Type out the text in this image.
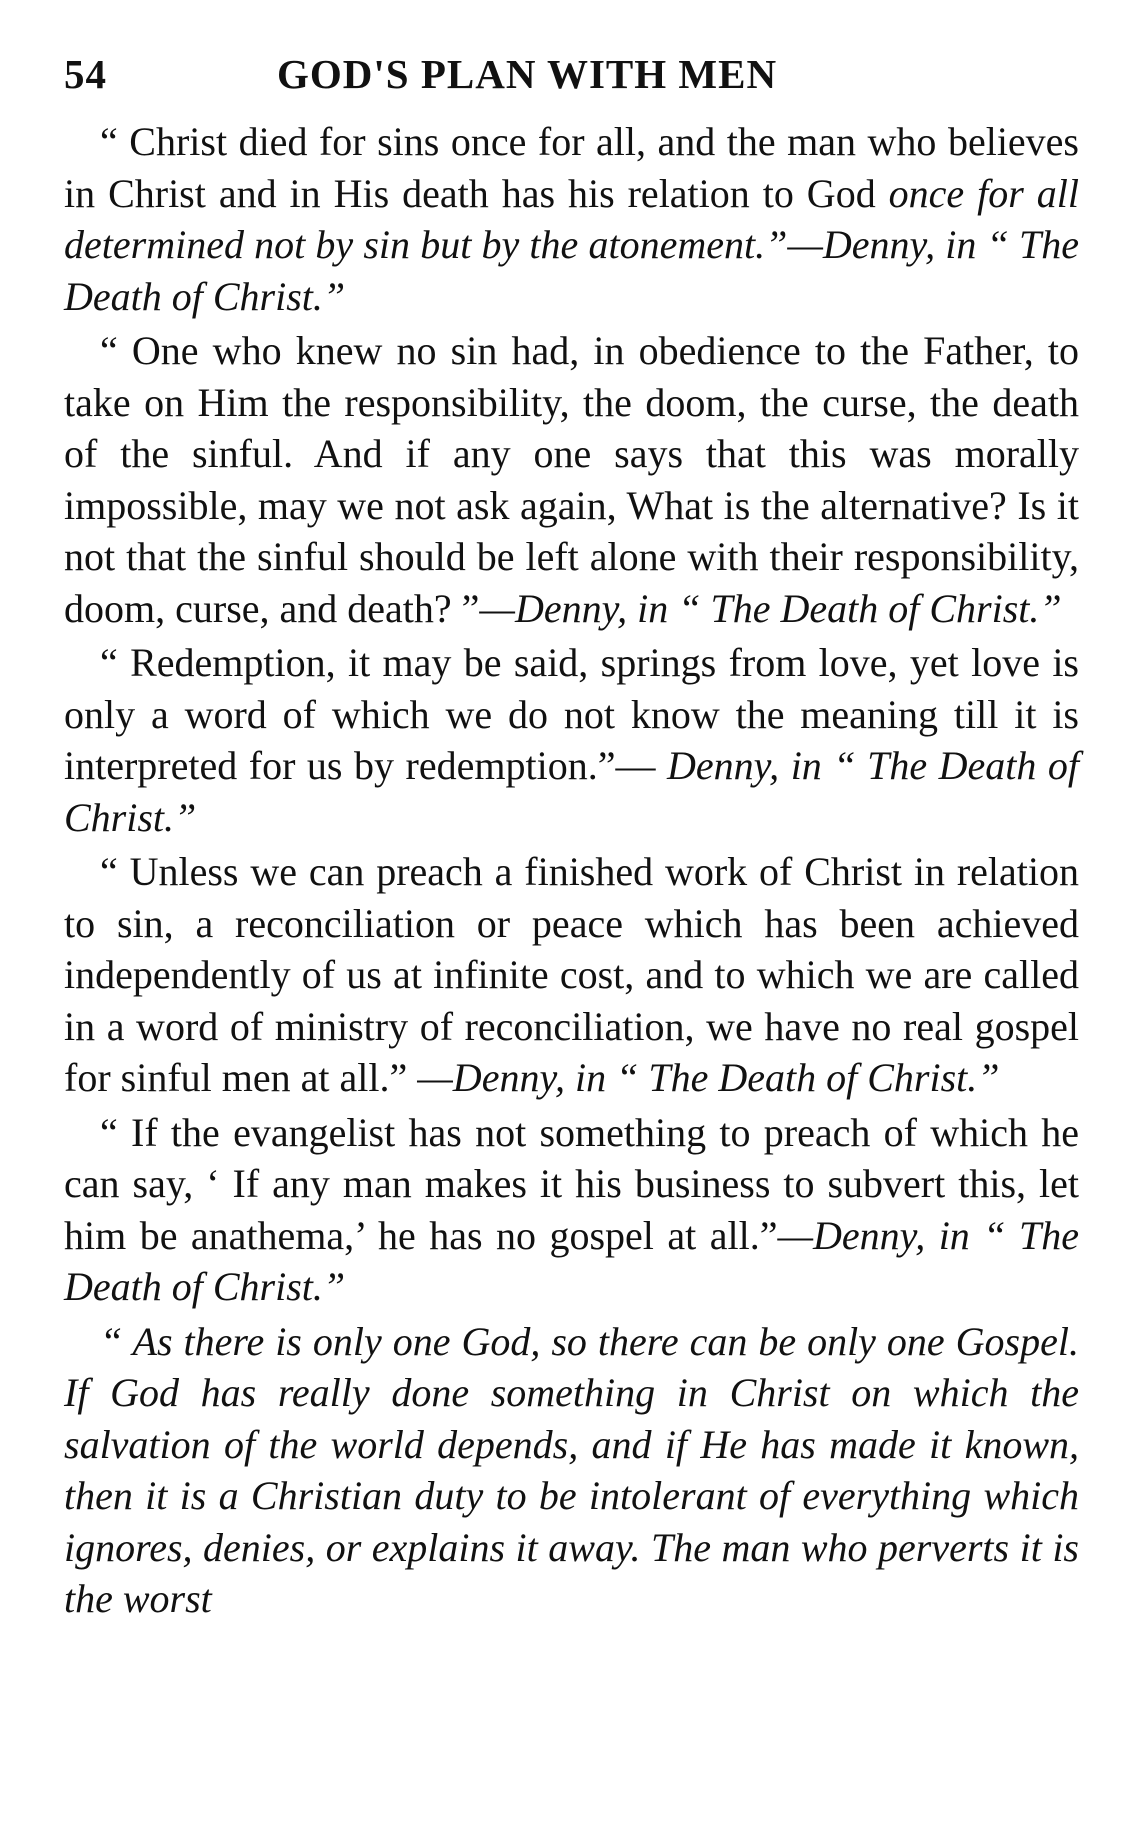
54	GOD'S PLAN WITH MEN

“ Christ died for sins once for all, and the man who believes in Christ and in His death has his relation to God once for all determined not by sin but by the atonement.”—Denny, in “ The Death of Christ.”

“ One who knew no sin had, in obedience to the Father, to take on Him the responsibility, the doom, the curse, the death of the sinful. And if any one says that this was morally impossible, may we not ask again, What is the alternative? Is it not that the sinful should be left alone with their responsibility, doom, curse, and death? ”—Denny, in “ The Death of Christ.”

“ Redemption, it may be said, springs from love, yet love is only a word of which we do not know the meaning till it is interpreted for us by redemption.”— Denny, in “ The Death of Christ.”

“ Unless we can preach a finished work of Christ in relation to sin, a reconciliation or peace which has been achieved independently of us at infinite cost, and to which we are called in a word of ministry of reconciliation, we have no real gospel for sinful men at all.” —Denny, in “ The Death of Christ.”

“ If the evangelist has not something to preach of which he can say, ‘ If any man makes it his business to subvert this, let him be anathema,’ he has no gospel at all.”—Denny, in “ The Death of Christ.”

“ As there is only one God, so there can be only one Gospel. If God has really done something in Christ on which the salvation of the world depends, and if He has made it known, then it is a Christian duty to be intolerant of everything which ignores, denies, or explains it away. The man who perverts it is the worst
